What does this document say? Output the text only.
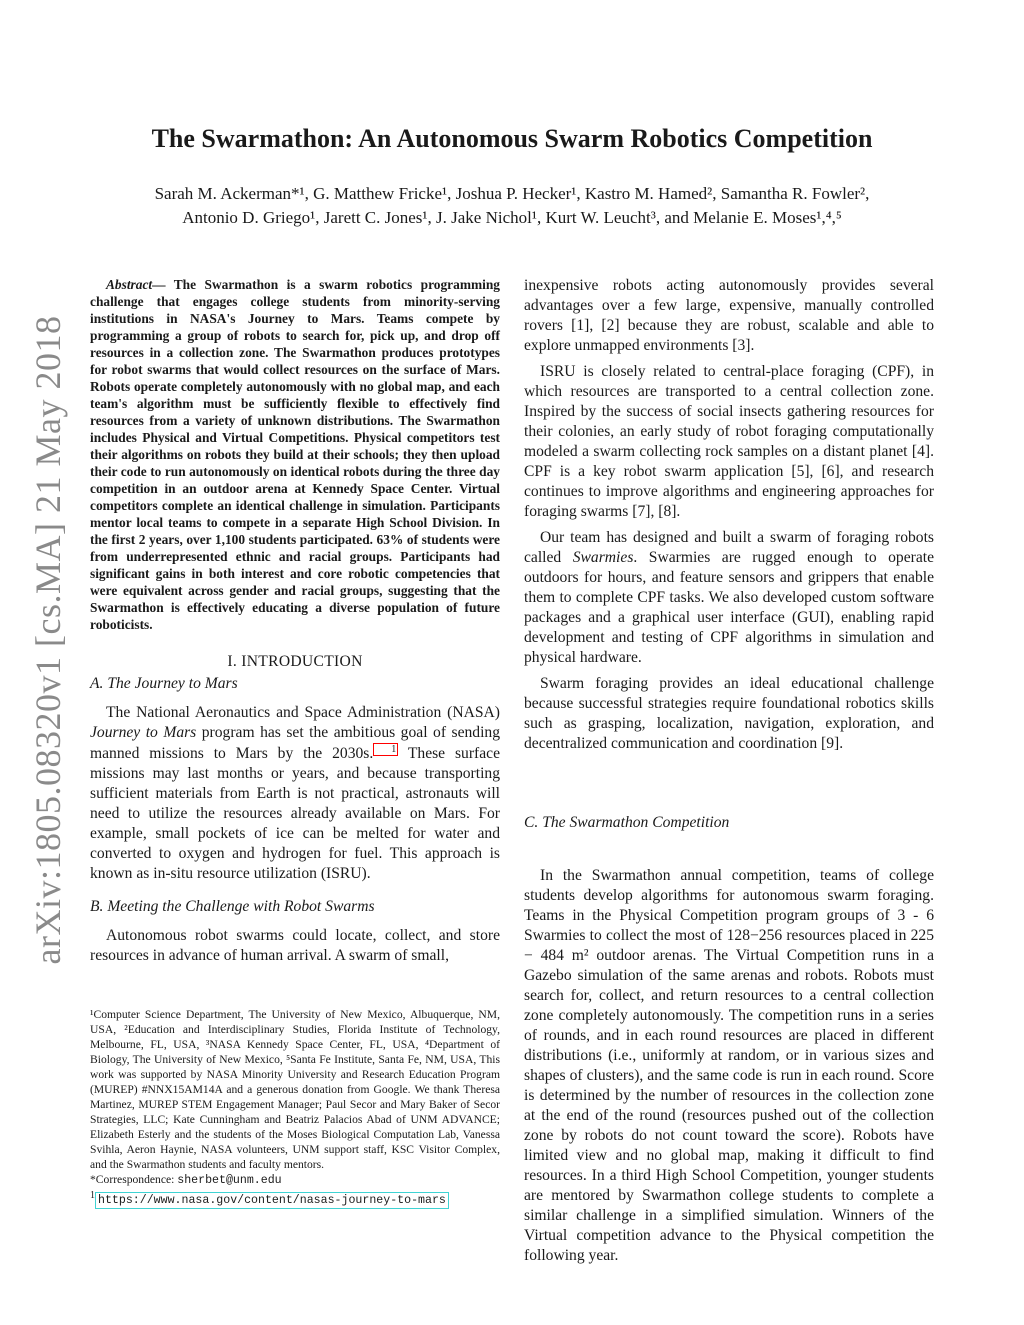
arXiv:1805.08320v1 [cs.MA] 21 May 2018
The Swarmathon: An Autonomous Swarm Robotics Competition
Sarah M. Ackerman*¹, G. Matthew Fricke¹, Joshua P. Hecker¹, Kastro M. Hamed², Samantha R. Fowler²,
Antonio D. Griego¹, Jarett C. Jones¹, J. Jake Nichol¹, Kurt W. Leucht³, and Melanie E. Moses¹,⁴,⁵

Abstract— The Swarmathon is a swarm robotics programming challenge that engages college students from minority-serving institutions in NASA's Journey to Mars. Teams compete by programming a group of robots to search for, pick up, and drop off resources in a collection zone. The Swarmathon produces prototypes for robot swarms that would collect resources on the surface of Mars. Robots operate completely autonomously with no global map, and each team's algorithm must be sufficiently flexible to effectively find resources from a variety of unknown distributions. The Swarmathon includes Physical and Virtual Competitions. Physical competitors test their algorithms on robots they build at their schools; they then upload their code to run autonomously on identical robots during the three day competition in an outdoor arena at Kennedy Space Center. Virtual competitors complete an identical challenge in simulation. Participants mentor local teams to compete in a separate High School Division. In the first 2 years, over 1,100 students participated. 63% of students were from underrepresented ethnic and racial groups. Participants had significant gains in both interest and core robotic competencies that were equivalent across gender and racial groups, suggesting that the Swarmathon is effectively educating a diverse population of future roboticists.

I. INTRODUCTION
A. The Journey to Mars

The National Aeronautics and Space Administration (NASA) Journey to Mars program has set the ambitious goal of sending manned missions to Mars by the 2030s. 1 These surface missions may last months or years, and because transporting sufficient materials from Earth is not practical, astronauts will need to utilize the resources already available on Mars. For example, small pockets of ice can be melted for water and converted to oxygen and hydrogen for fuel. This approach is known as in-situ resource utilization (ISRU).

B. Meeting the Challenge with Robot Swarms

Autonomous robot swarms could locate, collect, and store resources in advance of human arrival. A swarm of small,

¹Computer Science Department, The University of New Mexico, Albuquerque, NM, USA, ²Education and Interdisciplinary Studies, Florida Institute of Technology, Melbourne, FL, USA, ³NASA Kennedy Space Center, FL, USA, ⁴Department of Biology, The University of New Mexico, ⁵Santa Fe Institute, Santa Fe, NM, USA, This work was supported by NASA Minority University and Research Education Program (MUREP) #NNX15AM14A and a generous donation from Google. We thank Theresa Martinez, MUREP STEM Engagement Manager; Paul Secor and Mary Baker of Secor Strategies, LLC; Kate Cunningham and Beatriz Palacios Abad of UNM ADVANCE; Elizabeth Esterly and the students of the Moses Biological Computation Lab, Vanessa Svihla, Aeron Haynie, NASA volunteers, UNM support staff, KSC Visitor Complex, and the Swarmathon students and faculty mentors.

*Correspondence: sherbet@unm.edu

$^1$ https://www.nasa.gov/content/nasas-journey-to-mars

inexpensive robots acting autonomously provides several advantages over a few large, expensive, manually controlled rovers [1], [2] because they are robust, scalable and able to explore unmapped environments [3].

ISRU is closely related to central-place foraging (CPF), in which resources are transported to a central collection zone. Inspired by the success of social insects gathering resources for their colonies, an early study of robot foraging computationally modeled a swarm collecting rock samples on a distant planet [4]. CPF is a key robot swarm application [5], [6], and research continues to improve algorithms and engineering approaches for foraging swarms [7], [8].

Our team has designed and built a swarm of foraging robots called Swarmies. Swarmies are rugged enough to operate outdoors for hours, and feature sensors and grippers that enable them to complete CPF tasks. We also developed custom software packages and a graphical user interface (GUI), enabling rapid development and testing of CPF algorithms in simulation and physical hardware.

Swarm foraging provides an ideal educational challenge because successful strategies require foundational robotics skills such as grasping, localization, navigation, exploration, and decentralized communication and coordination [9].

C. The Swarmathon Competition

In the Swarmathon annual competition, teams of college students develop algorithms for autonomous swarm foraging. Teams in the Physical Competition program groups of 3 - 6 Swarmies to collect the most of 128−256 resources placed in 225 − 484 m² outdoor arenas. The Virtual Competition runs in a Gazebo simulation of the same arenas and robots. Robots must search for, collect, and return resources to a central collection zone completely autonomously. The competition runs in a series of rounds, and in each round resources are placed in different distributions (i.e., uniformly at random, or in various sizes and shapes of clusters), and the same code is run in each round. Score is determined by the number of resources in the collection zone at the end of the round (resources pushed out of the collection zone by robots do not count toward the score). Robots have limited view and no global map, making it difficult to find resources. In a third High School Competition, younger students are mentored by Swarmathon college students to complete a similar challenge in a simplified simulation. Winners of the Virtual competition advance to the Physical competition the following year.
